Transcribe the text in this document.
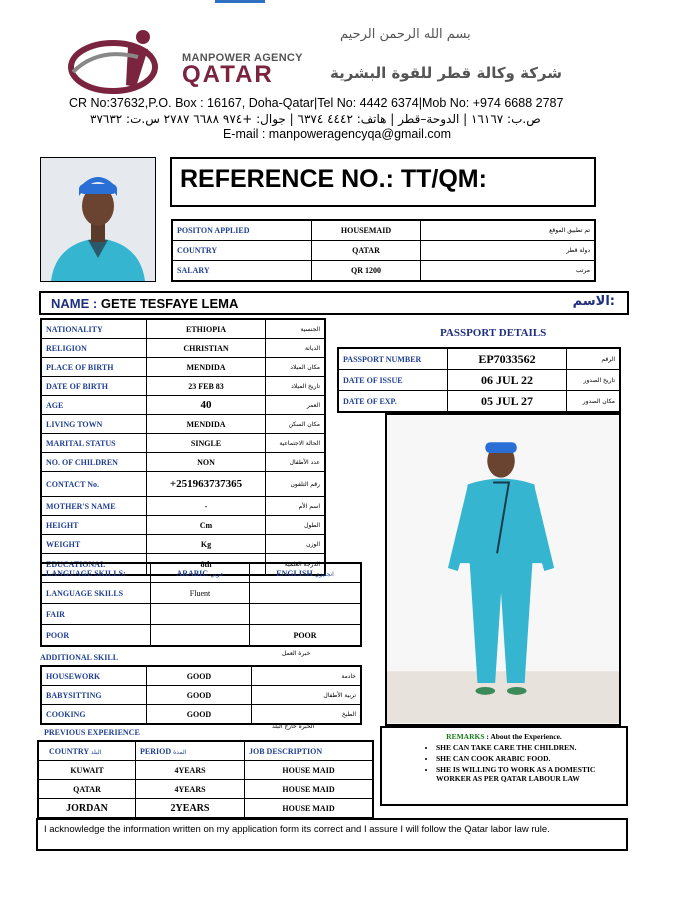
بسم الله الرحمن الرحيم
MANPOWER AGENCY
QATAR	شركة وكالة قطر للقوة البشرية
CR No:37632,P.O. Box : 16167, Doha-Qatar|Tel No: 4442 6374|Mob No: +974 6688 2787
ص.ب: ١٦١٦٧ | الدوحة–قطر | هاتف: ٤٤٤٢ ٦٣٧٤ | جوال: +٩٧٤ ٦٦٨٨ ٢٧٨٧ س.ت: ٣٧٦٣٢
E-mail : manpoweragencyqa@gmail.com
REFERENCE NO.: TT/QM:
POSITON APPLIED	HOUSEMAID	تم تطبيق الموقع
COUNTRY	QATAR	دولة قطر
SALARY	QR 1200	مرتب
NAME : GETE TESFAYE LEMA	الاسم:
NATIONALITY	ETHIOPIA	الجنسية
RELIGION	CHRISTIAN	الديانة
PLACE OF BIRTH	MENDIDA	مكان الميلاد
DATE OF BIRTH	23 FEB 83	تاريخ الميلاد
AGE	40	العمر
LIVING TOWN	MENDIDA	مكان السكن
MARITAL STATUS	SINGLE	الحالة الاجتماعية
NO. OF CHILDREN	NON	عدد الأطفال
CONTACT No.	+251963737365	رقم التلفون
MOTHER'S NAME	-	اسم الأم
HEIGHT	Cm	الطول
WEIGHT	Kg	الوزن
EDUCATIONAL	8th	الدرجة العلمية
PASSPORT DETAILS
PASSPORT NUMBER	EP7033562	الرقم
DATE OF ISSUE	06 JUL 22	تاريخ الصدور
DATE OF EXP.	05 JUL 27	مكان الصدور
LANGUAGE SKILLS:	ARABIC عربي	ENGLISH انجليزي
LANGUAGE SKILLS	Fluent	
FAIR		
POOR		POOR
ADDITIONAL SKILL	خبرة العمل
HOUSEWORK	GOOD	خادمة
BABYSITTING	GOOD	تربية الأطفال
COOKING	GOOD	الطبخ
PREVIOUS EXPERIENCE
الخبرة خارج البلد
COUNTRY البلد	PERIOD المدة	JOB DESCRIPTION
KUWAIT	4YEARS	HOUSE MAID
QATAR	4YEARS	HOUSE MAID
JORDAN	2YEARS	HOUSE MAID
REMARKS : About the Experience.
• SHE CAN TAKE CARE THE CHILDREN.
• SHE CAN COOK ARABIC FOOD.
• SHE IS WILLING TO WORK AS A DOMESTIC WORKER AS PER QATAR LABOUR LAW
I acknowledge the information written on my application form its correct and I assure I will follow the Qatar labor law rule.
